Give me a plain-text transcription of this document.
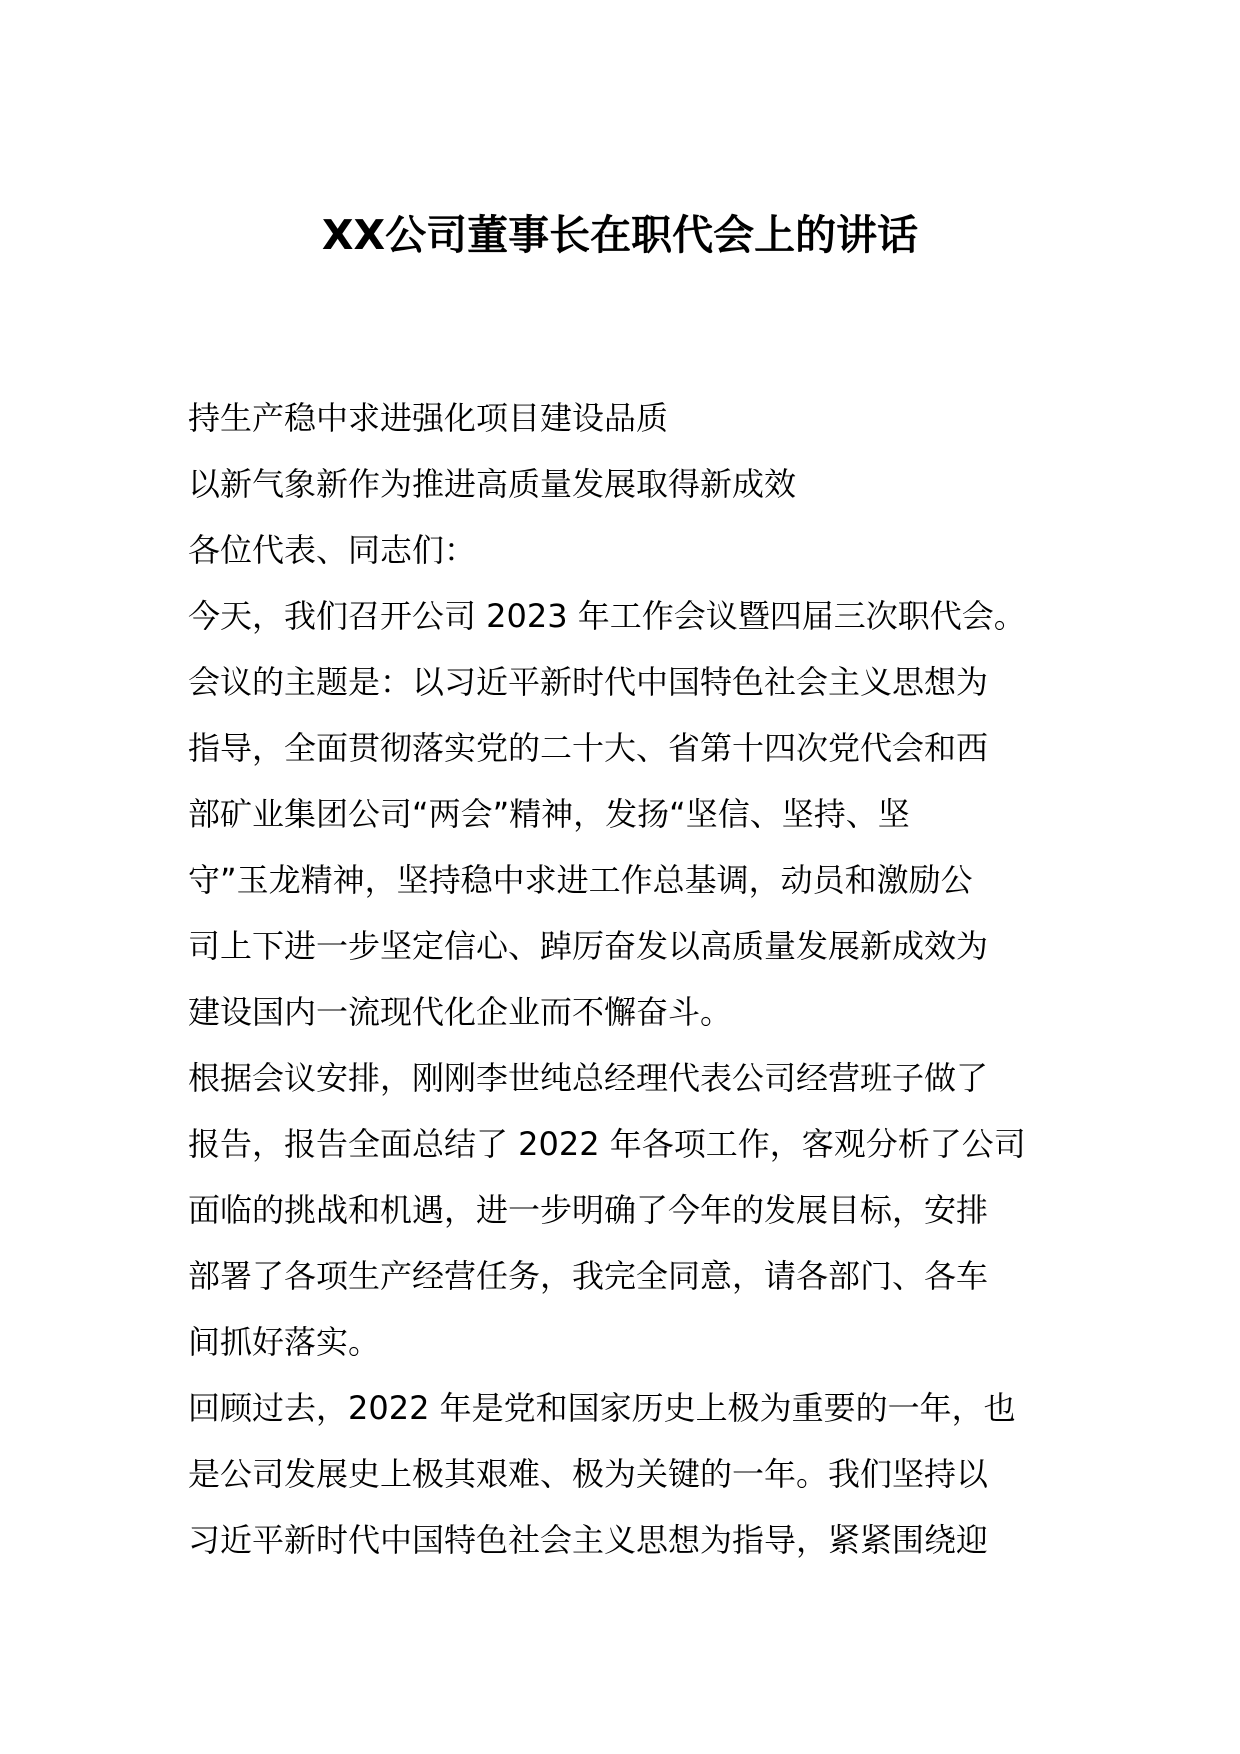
XX公司董事长在职代会上的讲话
持生产稳中求进强化项目建设品质
以新气象新作为推进高质量发展取得新成效
各位代表、同志们：
今天，我们召开公司 2023 年工作会议暨四届三次职代会。
会议的主题是：以习近平新时代中国特色社会主义思想为
指导，全面贯彻落实党的二十大、省第十四次党代会和西
部矿业集团公司“两会”精神，发扬“坚信、坚持、坚
守”玉龙精神，坚持稳中求进工作总基调，动员和激励公
司上下进一步坚定信心、踔厉奋发以高质量发展新成效为
建设国内一流现代化企业而不懈奋斗。
根据会议安排，刚刚李世纯总经理代表公司经营班子做了
报告，报告全面总结了 2022 年各项工作，客观分析了公司
面临的挑战和机遇，进一步明确了今年的发展目标，安排
部署了各项生产经营任务，我完全同意，请各部门、各车
间抓好落实。
回顾过去，2022 年是党和国家历史上极为重要的一年，也
是公司发展史上极其艰难、极为关键的一年。我们坚持以
习近平新时代中国特色社会主义思想为指导，紧紧围绕迎
